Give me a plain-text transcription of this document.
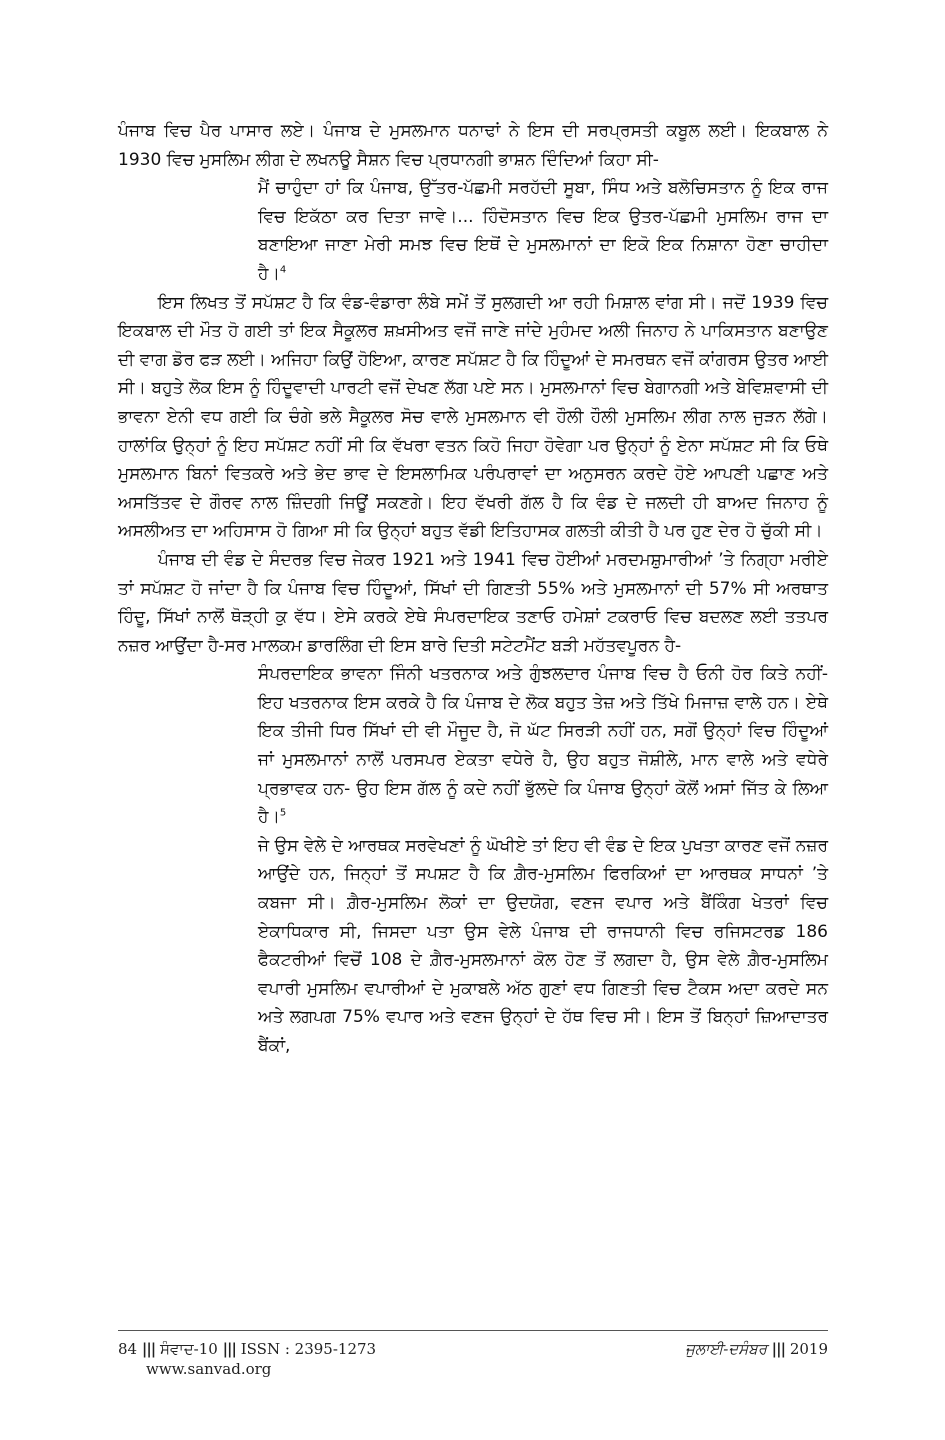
ਪੰਜਾਬ ਵਿਚ ਪੈਰ ਪਾਸਾਰ ਲਏ। ਪੰਜਾਬ ਦੇ ਮੁਸਲਮਾਨ ਧਨਾਢਾਂ ਨੇ ਇਸ ਦੀ ਸਰਪ੍ਰਸਤੀ ਕਬੂਲ ਲਈ। ਇਕਬਾਲ ਨੇ 1930 ਵਿਚ ਮੁਸਲਿਮ ਲੀਗ ਦੇ ਲਖਨਊ ਸੈਸ਼ਨ ਵਿਚ ਪ੍ਰਧਾਨਗੀ ਭਾਸ਼ਨ ਦਿੰਦਿਆਂ ਕਿਹਾ ਸੀ-

ਮੈਂ ਚਾਹੁੰਦਾ ਹਾਂ ਕਿ ਪੰਜਾਬ, ਉੱਤਰ-ਪੱਛਮੀ ਸਰਹੱਦੀ ਸੂਬਾ, ਸਿੰਧ ਅਤੇ ਬਲੋਚਿਸਤਾਨ ਨੂੰ ਇਕ ਰਾਜ ਵਿਚ ਇਕੱਠਾ ਕਰ ਦਿਤਾ ਜਾਵੇ।... ਹਿੰਦੋਸਤਾਨ ਵਿਚ ਇਕ ਉਤਰ-ਪੱਛਮੀ ਮੁਸਲਿਮ ਰਾਜ ਦਾ ਬਣਾਇਆ ਜਾਣਾ ਮੇਰੀ ਸਮਝ ਵਿਚ ਇਥੋਂ ਦੇ ਮੁਸਲਮਾਨਾਂ ਦਾ ਇਕੋ ਇਕ ਨਿਸ਼ਾਨਾ ਹੋਣਾ ਚਾਹੀਦਾ ਹੈ।$^4$

ਇਸ ਲਿਖਤ ਤੋਂ ਸਪੱਸ਼ਟ ਹੈ ਕਿ ਵੰਡ-ਵੰਡਾਰਾ ਲੰਬੇ ਸਮੇਂ ਤੋਂ ਸੁਲਗਦੀ ਆ ਰਹੀ ਮਿਸ਼ਾਲ ਵਾਂਗ ਸੀ। ਜਦੋਂ 1939 ਵਿਚ ਇਕਬਾਲ ਦੀ ਮੌਤ ਹੋ ਗਈ ਤਾਂ ਇਕ ਸੈਕੂਲਰ ਸ਼ਖ਼ਸੀਅਤ ਵਜੋਂ ਜਾਣੇ ਜਾਂਦੇ ਮੁਹੰਮਦ ਅਲੀ ਜਿਨਾਹ ਨੇ ਪਾਕਿਸਤਾਨ ਬਣਾਉਣ ਦੀ ਵਾਗ ਡੋਰ ਫੜ ਲਈ। ਅਜਿਹਾ ਕਿਉਂ ਹੋਇਆ, ਕਾਰਣ ਸਪੱਸ਼ਟ ਹੈ ਕਿ ਹਿੰਦੂਆਂ ਦੇ ਸਮਰਥਨ ਵਜੋਂ ਕਾਂਗਰਸ ਉਤਰ ਆਈ ਸੀ। ਬਹੁਤੇ ਲੋਕ ਇਸ ਨੂੰ ਹਿੰਦੂਵਾਦੀ ਪਾਰਟੀ ਵਜੋਂ ਦੇਖਣ ਲੱਗ ਪਏ ਸਨ। ਮੁਸਲਮਾਨਾਂ ਵਿਚ ਬੇਗਾਨਗੀ ਅਤੇ ਬੇਵਿਸ਼ਵਾਸੀ ਦੀ ਭਾਵਨਾ ਏਨੀ ਵਧ ਗਈ ਕਿ ਚੰਗੇ ਭਲੇ ਸੈਕੂਲਰ ਸੋਚ ਵਾਲੇ ਮੁਸਲਮਾਨ ਵੀ ਹੌਲੀ ਹੌਲੀ ਮੁਸਲਿਮ ਲੀਗ ਨਾਲ ਜੁੜਨ ਲੱਗੇ। ਹਾਲਾਂਕਿ ਉਨ੍ਹਾਂ ਨੂੰ ਇਹ ਸਪੱਸ਼ਟ ਨਹੀਂ ਸੀ ਕਿ ਵੱਖਰਾ ਵਤਨ ਕਿਹੋ ਜਿਹਾ ਹੋਵੇਗਾ ਪਰ ਉਨ੍ਹਾਂ ਨੂੰ ਏਨਾ ਸਪੱਸ਼ਟ ਸੀ ਕਿ ਓਥੇ ਮੁਸਲਮਾਨ ਬਿਨਾਂ ਵਿਤਕਰੇ ਅਤੇ ਭੇਦ ਭਾਵ ਦੇ ਇਸਲਾਮਿਕ ਪਰੰਪਰਾਵਾਂ ਦਾ ਅਨੁਸਰਨ ਕਰਦੇ ਹੋਏ ਆਪਣੀ ਪਛਾਣ ਅਤੇ ਅਸਤਿੱਤਵ ਦੇ ਗੌਰਵ ਨਾਲ ਜ਼ਿੰਦਗੀ ਜਿਊਂ ਸਕਣਗੇ। ਇਹ ਵੱਖਰੀ ਗੱਲ ਹੈ ਕਿ ਵੰਡ ਦੇ ਜਲਦੀ ਹੀ ਬਾਅਦ ਜਿਨਾਹ ਨੂੰ ਅਸਲੀਅਤ ਦਾ ਅਹਿਸਾਸ ਹੋ ਗਿਆ ਸੀ ਕਿ ਉਨ੍ਹਾਂ ਬਹੁਤ ਵੱਡੀ ਇਤਿਹਾਸਕ ਗਲਤੀ ਕੀਤੀ ਹੈ ਪਰ ਹੁਣ ਦੇਰ ਹੋ ਚੁੱਕੀ ਸੀ।

ਪੰਜਾਬ ਦੀ ਵੰਡ ਦੇ ਸੰਦਰਭ ਵਿਚ ਜੇਕਰ 1921 ਅਤੇ 1941 ਵਿਚ ਹੋਈਆਂ ਮਰਦਮਸ਼ੁਮਾਰੀਆਂ ’ਤੇ ਨਿਗ੍ਹਾ ਮਰੀਏ ਤਾਂ ਸਪੱਸ਼ਟ ਹੋ ਜਾਂਦਾ ਹੈ ਕਿ ਪੰਜਾਬ ਵਿਚ ਹਿੰਦੂਆਂ, ਸਿੱਖਾਂ ਦੀ ਗਿਣਤੀ 55% ਅਤੇ ਮੁਸਲਮਾਨਾਂ ਦੀ 57% ਸੀ ਅਰਥਾਤ ਹਿੰਦੂ, ਸਿੱਖਾਂ ਨਾਲੋਂ ਥੋੜ੍ਹੀ ਕੁ ਵੱਧ। ਏਸੇ ਕਰਕੇ ਏਥੇ ਸੰਪਰਦਾਇਕ ਤਣਾਓ ਹਮੇਸ਼ਾਂ ਟਕਰਾਓ ਵਿਚ ਬਦਲਣ ਲਈ ਤਤਪਰ ਨਜ਼ਰ ਆਉਂਦਾ ਹੈ-ਸਰ ਮਾਲਕਮ ਡਾਰਲਿੰਗ ਦੀ ਇਸ ਬਾਰੇ ਦਿਤੀ ਸਟੇਟਮੈਂਟ ਬੜੀ ਮਹੱਤਵਪੂਰਨ ਹੈ-

ਸੰਪਰਦਾਇਕ ਭਾਵਨਾ ਜਿੰਨੀ ਖਤਰਨਾਕ ਅਤੇ ਗੁੰਝਲਦਾਰ ਪੰਜਾਬ ਵਿਚ ਹੈ ਓਨੀ ਹੋਰ ਕਿਤੇ ਨਹੀਂ- ਇਹ ਖਤਰਨਾਕ ਇਸ ਕਰਕੇ ਹੈ ਕਿ ਪੰਜਾਬ ਦੇ ਲੋਕ ਬਹੁਤ ਤੇਜ਼ ਅਤੇ ਤਿੱਖੇ ਮਿਜਾਜ਼ ਵਾਲੇ ਹਨ। ਏਥੇ ਇਕ ਤੀਜੀ ਧਿਰ ਸਿੱਖਾਂ ਦੀ ਵੀ ਮੌਜੂਦ ਹੈ, ਜੋ ਘੱਟ ਸਿਰੜੀ ਨਹੀਂ ਹਨ, ਸਗੋਂ ਉਨ੍ਹਾਂ ਵਿਚ ਹਿੰਦੂਆਂ ਜਾਂ ਮੁਸਲਮਾਨਾਂ ਨਾਲੋਂ ਪਰਸਪਰ ਏਕਤਾ ਵਧੇਰੇ ਹੈ, ਉਹ ਬਹੁਤ ਜੋਸ਼ੀਲੇ, ਮਾਨ ਵਾਲੇ ਅਤੇ ਵਧੇਰੇ ਪ੍ਰਭਾਵਕ ਹਨ- ਉਹ ਇਸ ਗੱਲ ਨੂੰ ਕਦੇ ਨਹੀਂ ਭੁੱਲਦੇ ਕਿ ਪੰਜਾਬ ਉਨ੍ਹਾਂ ਕੋਲੋਂ ਅਸਾਂ ਜਿੱਤ ਕੇ ਲਿਆ ਹੈ।$^5$

ਜੇ ਉਸ ਵੇਲੇ ਦੇ ਆਰਥਕ ਸਰਵੇਖਣਾਂ ਨੂੰ ਘੋਖੀਏ ਤਾਂ ਇਹ ਵੀ ਵੰਡ ਦੇ ਇਕ ਪੁਖਤਾ ਕਾਰਣ ਵਜੋਂ ਨਜ਼ਰ ਆਉਂਦੇ ਹਨ, ਜਿਨ੍ਹਾਂ ਤੋਂ ਸਪਸ਼ਟ ਹੈ ਕਿ ਗ਼ੈਰ-ਮੁਸਲਿਮ ਫਿਰਕਿਆਂ ਦਾ ਆਰਥਕ ਸਾਧਨਾਂ ’ਤੇ ਕਬਜਾ ਸੀ। ਗ਼ੈਰ-ਮੁਸਲਿਮ ਲੋਕਾਂ ਦਾ ਉਦਯੋਗ, ਵਣਜ ਵਪਾਰ ਅਤੇ ਬੈਂਕਿੰਗ ਖੇਤਰਾਂ ਵਿਚ ਏਕਾਧਿਕਾਰ ਸੀ, ਜਿਸਦਾ ਪਤਾ ਉਸ ਵੇਲੇ ਪੰਜਾਬ ਦੀ ਰਾਜਧਾਨੀ ਵਿਚ ਰਜਿਸਟਰਡ 186 ਫੈਕਟਰੀਆਂ ਵਿਚੋਂ 108 ਦੇ ਗ਼ੈਰ-ਮੁਸਲਮਾਨਾਂ ਕੋਲ ਹੋਣ ਤੋਂ ਲਗਦਾ ਹੈ, ਉਸ ਵੇਲੇ ਗ਼ੈਰ-ਮੁਸਲਿਮ ਵਪਾਰੀ ਮੁਸਲਿਮ ਵਪਾਰੀਆਂ ਦੇ ਮੁਕਾਬਲੇ ਅੱਠ ਗੁਣਾਂ ਵਧ ਗਿਣਤੀ ਵਿਚ ਟੈਕਸ ਅਦਾ ਕਰਦੇ ਸਨ ਅਤੇ ਲਗਪਗ 75% ਵਪਾਰ ਅਤੇ ਵਣਜ ਉਨ੍ਹਾਂ ਦੇ ਹੱਥ ਵਿਚ ਸੀ। ਇਸ ਤੋਂ ਬਿਨ੍ਹਾਂ ਜ਼ਿਆਦਾਤਰ ਬੈਂਕਾਂ,

84 ||| ਸੰਵਾਦ-10 ||| ISSN : 2395-1273	ਜੁਲਾਈ-ਦਸੰਬਰ ||| 2019
www.sanvad.org
